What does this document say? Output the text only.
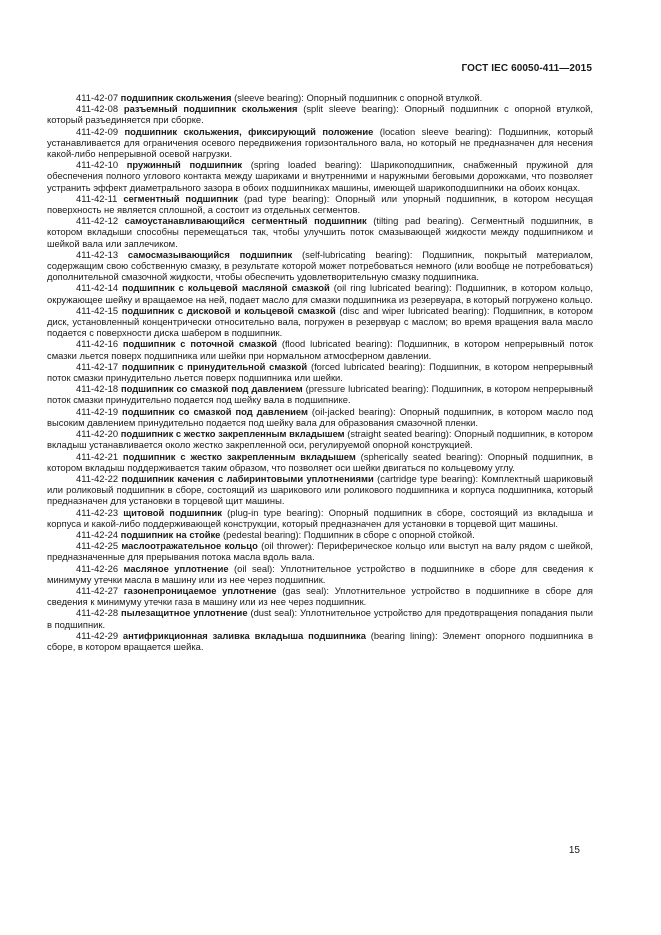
ГОСТ IEC 60050-411—2015

411-42-07 подшипник скольжения (sleeve bearing): Опорный подшипник с опорной втулкой.

411-42-08 разъемный подшипник скольжения (split sleeve bearing): Опорный подшипник с опорной втулкой, который разъединяется при сборке.

411-42-09 подшипник скольжения, фиксирующий положение (location sleeve bearing): Подшипник, который устанавливается для ограничения осевого передвижения горизонтального вала, но который не предназначен для несения какой-либо непрерывной осевой нагрузки.

411-42-10 пружинный подшипник (spring loaded bearing): Шарикоподшипник, снабженный пружиной для обеспечения полного углового контакта между шариками и внутренними и наружными беговыми дорожками, что позволяет устранить эффект диаметрального зазора в обоих подшипниках машины, имеющей шарикоподшипники на обоих концах.

411-42-11 сегментный подшипник (pad type bearing): Опорный или упорный подшипник, в котором несущая поверхность не является сплошной, а состоит из отдельных сегментов.

411-42-12 самоустанавливающийся сегментный подшипник (tilting pad bearing). Сегментный подшипник, в котором вкладыши способны перемещаться так, чтобы улучшить поток смазывающей жидкости между подшипником и шейкой вала или заплечиком.

411-42-13 самосмазывающийся подшипник (self-lubricating bearing): Подшипник, покрытый материалом, содержащим свою собственную смазку, в результате которой может потребоваться немного (или вообще не потребоваться) дополнительной смазочной жидкости, чтобы обеспечить удовлетворительную смазку подшипника.

411-42-14 подшипник с кольцевой масляной смазкой (oil ring lubricated bearing): Подшипник, в котором кольцо, окружающее шейку и вращаемое на ней, подает масло для смазки подшипника из резервуара, в который погружено кольцо.

411-42-15 подшипник с дисковой и кольцевой смазкой (disc and wiper lubricated bearing): Подшипник, в котором диск, установленный концентрически относительно вала, погружен в резервуар с маслом; во время вращения вала масло подается с поверхности диска шабером в подшипник.

411-42-16 подшипник с поточной смазкой (flood lubricated bearing): Подшипник, в котором непрерывный поток смазки льется поверх подшипника или шейки при нормальном атмосферном давлении.

411-42-17 подшипник с принудительной смазкой (forced lubricated bearing): Подшипник, в котором непрерывный поток смазки принудительно льется поверх подшипника или шейки.

411-42-18 подшипник со смазкой под давлением (pressure lubricated bearing): Подшипник, в котором непрерывный поток смазки принудительно подается под шейку вала в подшипнике.

411-42-19 подшипник со смазкой под давлением (oil-jacked bearing): Опорный подшипник, в котором масло под высоким давлением принудительно подается под шейку вала для образования смазочной пленки.

411-42-20 подшипник с жестко закрепленным вкладышем (straight seated bearing): Опорный подшипник, в котором вкладыш устанавливается около жестко закрепленной оси, регулируемой опорной конструкцией.

411-42-21 подшипник с жестко закрепленным вкладышем (spherically seated bearing): Опорный подшипник, в котором вкладыш поддерживается таким образом, что позволяет оси шейки двигаться по кольцевому углу.

411-42-22 подшипник качения с лабиринтовыми уплотнениями (cartridge type bearing): Комплектный шариковый или роликовый подшипник в сборе, состоящий из шарикового или роликового подшипника и корпуса подшипника, который предназначен для установки в торцевой щит машины.

411-42-23 щитовой подшипник (plug-in type bearing): Опорный подшипник в сборе, состоящий из вкладыша и корпуса и какой-либо поддерживающей конструкции, который предназначен для установки в торцевой щит машины.

411-42-24 подшипник на стойке (pedestal bearing): Подшипник в сборе с опорной стойкой.

411-42-25 маслоотражательное кольцо (oil thrower): Периферическое кольцо или выступ на валу рядом с шейкой, предназначенные для прерывания потока масла вдоль вала.

411-42-26 масляное уплотнение (oil seal): Уплотнительное устройство в подшипнике в сборе для сведения к минимуму утечки масла в машину или из нее через подшипник.

411-42-27 газонепроницаемое уплотнение (gas seal): Уплотнительное устройство в подшипнике в сборе для сведения к минимуму утечки газа в машину или из нее через подшипник.

411-42-28 пылезащитное уплотнение (dust seal): Уплотнительное устройство для предотвращения попадания пыли в подшипник.

411-42-29 антифрикционная заливка вкладыша подшипника (bearing lining): Элемент опорного подшипника в сборе, в котором вращается шейка.

15
